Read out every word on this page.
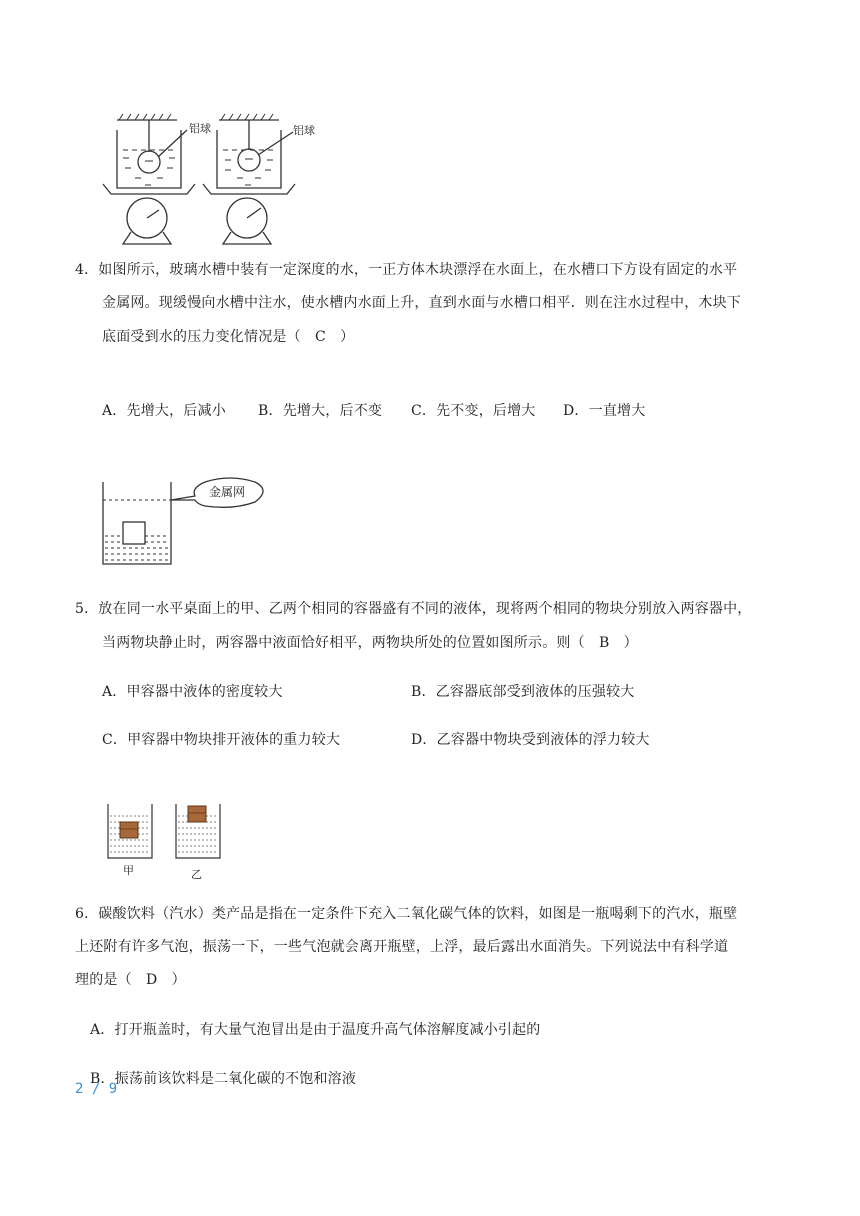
铝球	铝球
4．如图所示，玻璃水槽中装有一定深度的水，一正方体木块漂浮在水面上，在水槽口下方设有固定的水平
金属网。现缓慢向水槽中注水，使水槽内水面上升，直到水面与水槽口相平．则在注水过程中，木块下
底面受到水的压力变化情况是（　C　）
A．先增大，后减小 B．先增大，后不变 C．先不变，后增大 D．一直增大
金属网
5．放在同一水平桌面上的甲、乙两个相同的容器盛有不同的液体，现将两个相同的物块分别放入两容器中，
当两物块静止时，两容器中液面恰好相平，两物块所处的位置如图所示。则（　B　）
A．甲容器中液体的密度较大	B．乙容器底部受到液体的压强较大
C．甲容器中物块排开液体的重力较大	D．乙容器中物块受到液体的浮力较大
甲	乙
6．碳酸饮料（汽水）类产品是指在一定条件下充入二氧化碳气体的饮料，如图是一瓶喝剩下的汽水，瓶壁
上还附有许多气泡，振荡一下，一些气泡就会离开瓶壁，上浮，最后露出水面消失。下列说法中有科学道
理的是（　D　）
A．打开瓶盖时，有大量气泡冒出是由于温度升高气体溶解度减小引起的
B．振荡前该饮料是二氧化碳的不饱和溶液
2 / 9
